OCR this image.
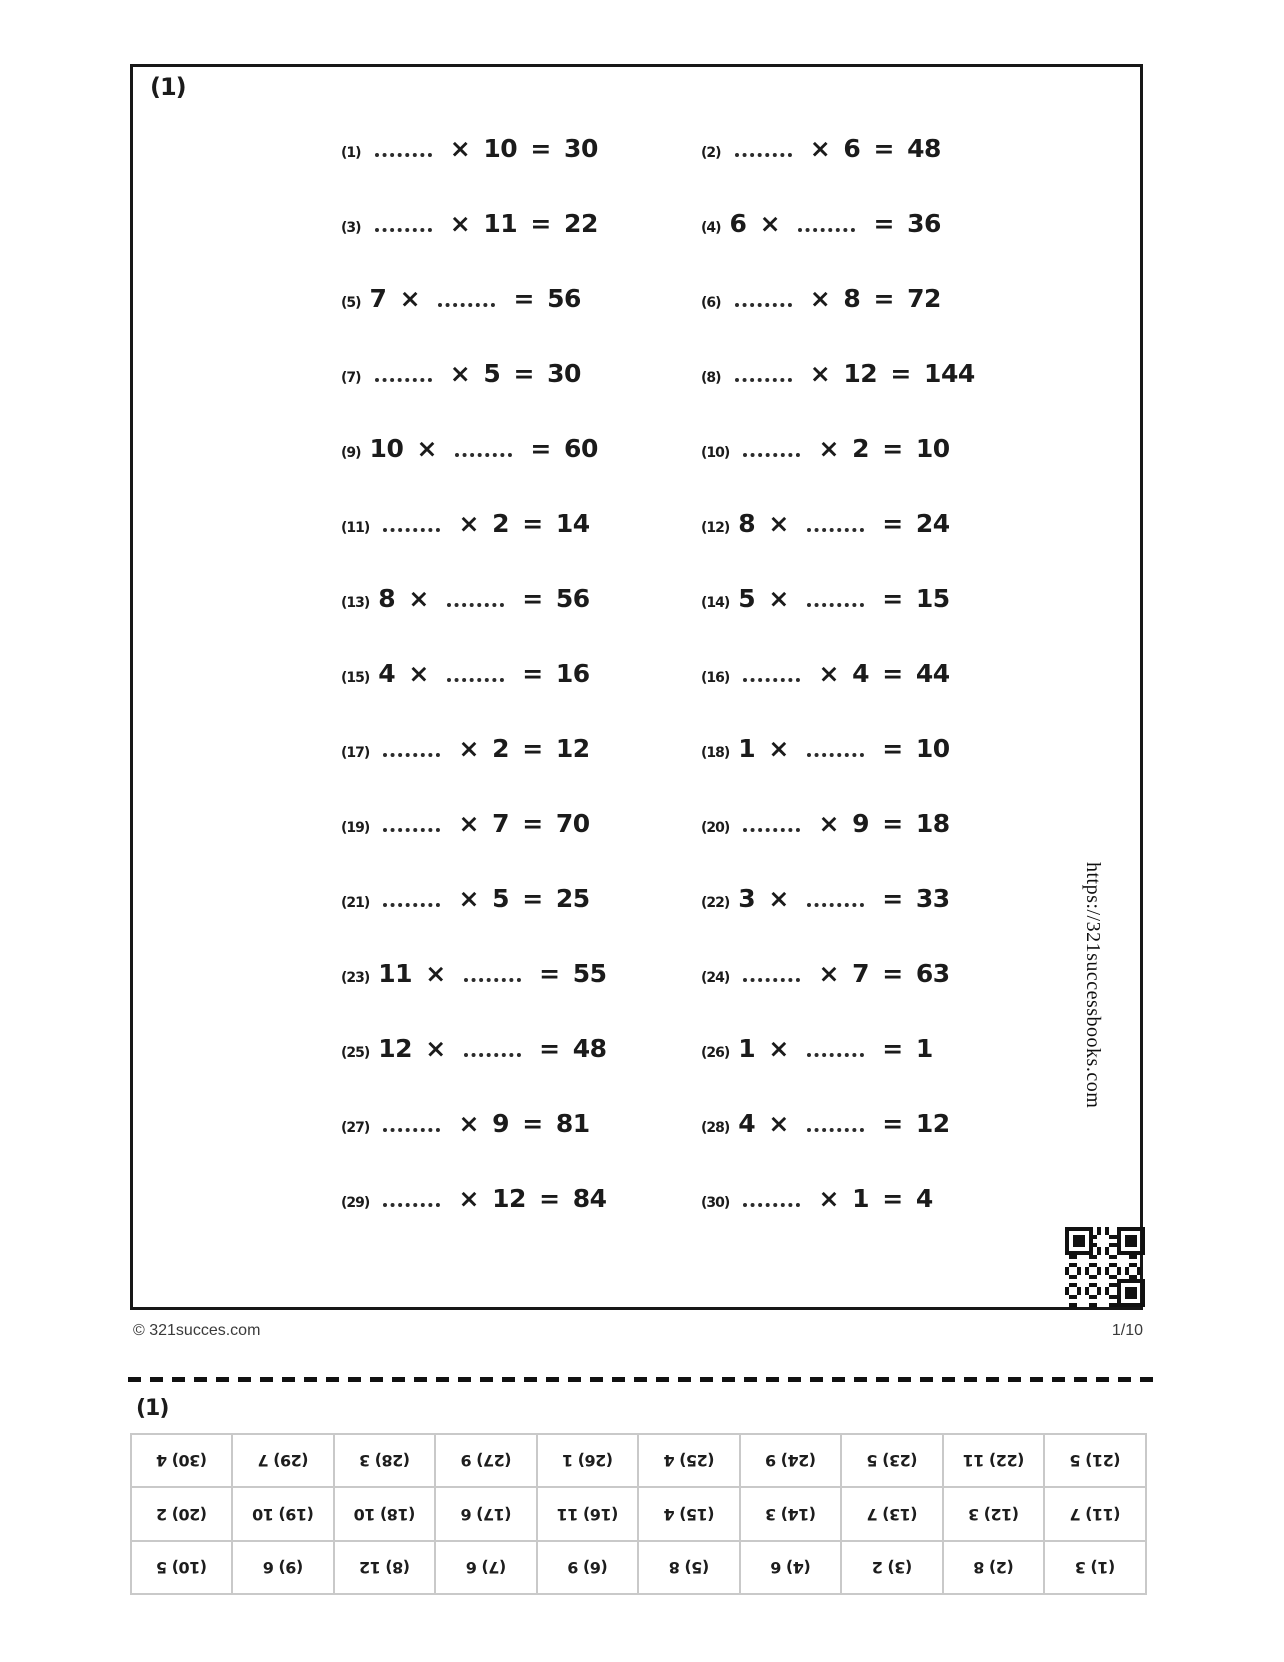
(1)
(1)	× 10 = 30	(2)	× 6 = 48
(3)	× 11 = 22	(4) 6 ×	= 36
(5) 7 ×	= 56	(6)	× 8 = 72
(7)	× 5 = 30	(8)	× 12 = 144
(9) 10 ×	= 60	(10)	× 2 = 10
(11)	× 2 = 14	(12) 8 ×	= 24
(13) 8 ×	= 56	(14) 5 ×	= 15
(15) 4 ×	= 16	(16)	× 4 = 44
(17)	× 2 = 12	(18) 1 ×	= 10
(19)	× 7 = 70	(20)	× 9 = 18
(21)	× 5 = 25	(22) 3 ×	= 33
(23) 11 ×	= 55	(24)	× 7 = 63
(25) 12 ×	= 48	(26) 1 ×	= 1
(27)	× 9 = 81	(28) 4 ×	= 12
(29)	× 12 = 84	(30)	× 1 = 4
https://321successbooks.com
© 321succes.com	1/10
(1)
(1) 3	(2) 8	(3) 2	(4) 6	(5) 8	(6) 9	(7) 6	(8) 12	(9) 6	(10) 5
(11) 7	(12) 3	(13) 7	(14) 3	(15) 4	(16) 11	(17) 6	(18) 10	(19) 10	(20) 2
(21) 5	(22) 11	(23) 5	(24) 9	(25) 4	(26) 1	(27) 9	(28) 3	(29) 7	(30) 4
